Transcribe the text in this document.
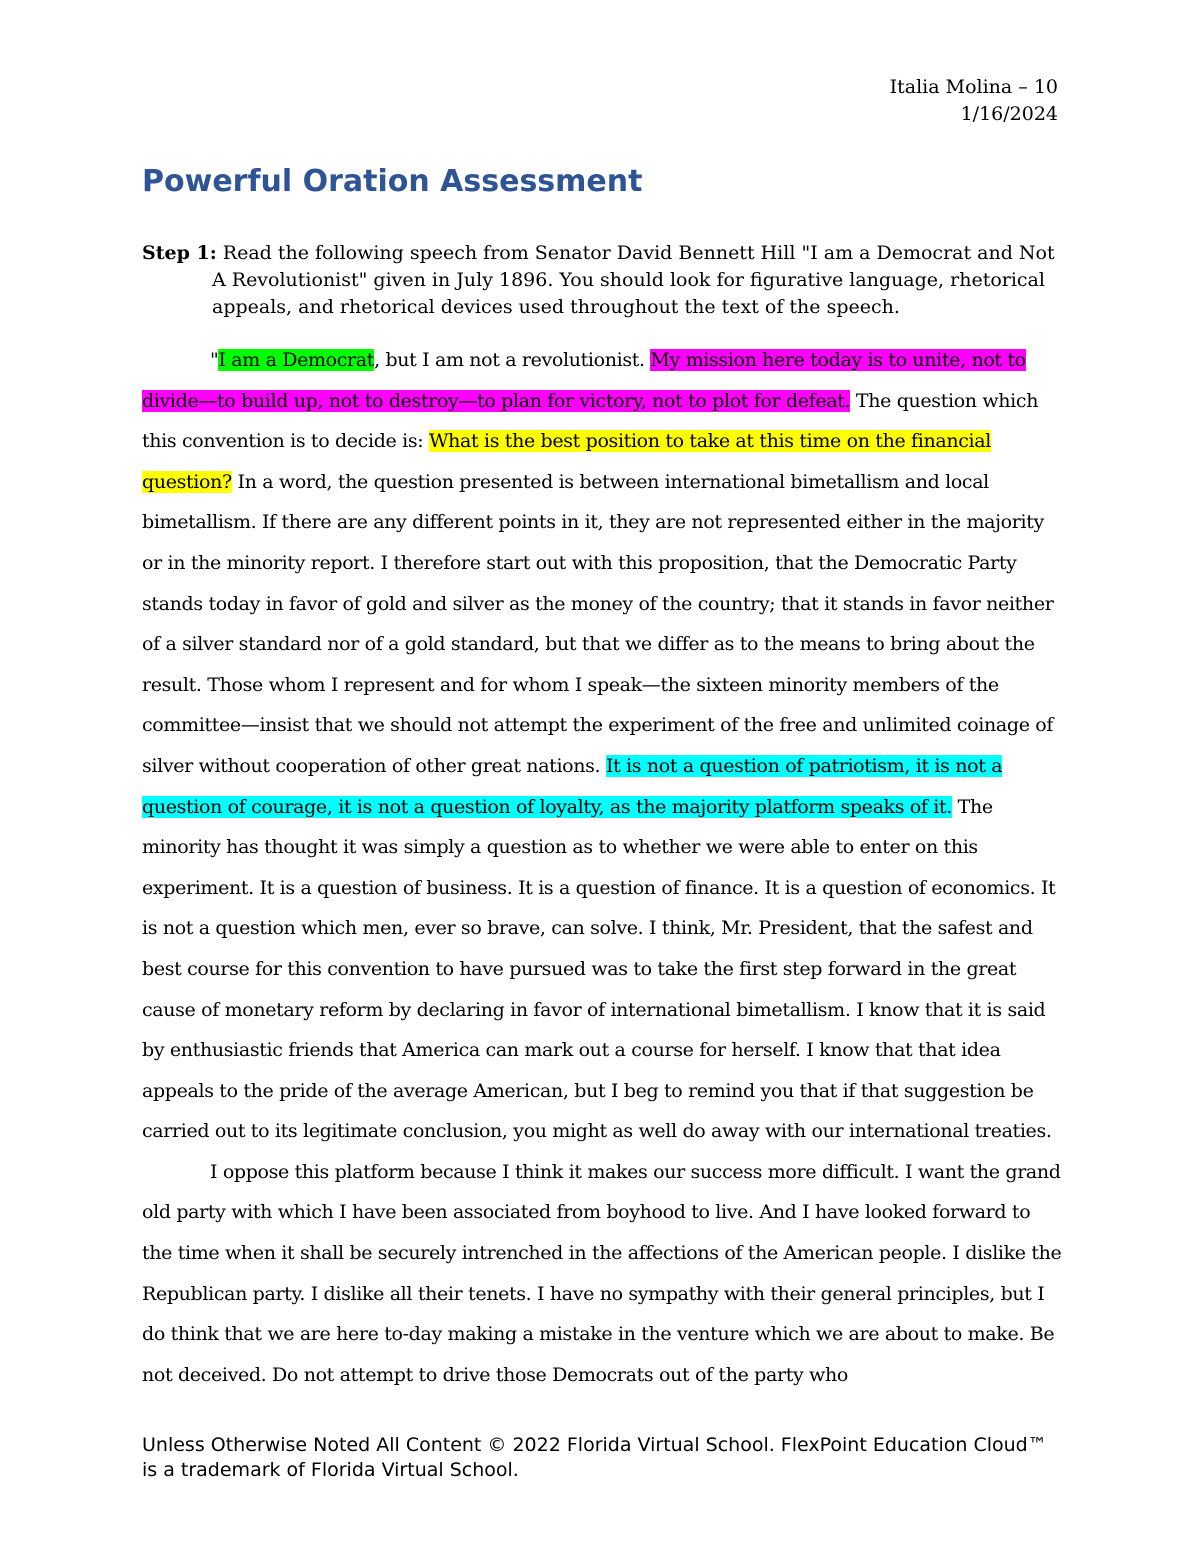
Italia Molina – 10
1/16/2024
Powerful Oration Assessment

Step 1: Read the following speech from Senator David Bennett Hill "I am a Democrat and Not A Revolutionist" given in July 1896. You should look for figurative language, rhetorical appeals, and rhetorical devices used throughout the text of the speech.

"I am a Democrat, but I am not a revolutionist. My mission here today is to unite, not to divide—to build up, not to destroy—to plan for victory, not to plot for defeat. The question which this convention is to decide is: What is the best position to take at this time on the financial question? In a word, the question presented is between international bimetallism and local bimetallism. If there are any different points in it, they are not represented either in the majority or in the minority report. I therefore start out with this proposition, that the Democratic Party stands today in favor of gold and silver as the money of the country; that it stands in favor neither of a silver standard nor of a gold standard, but that we differ as to the means to bring about the result. Those whom I represent and for whom I speak—the sixteen minority members of the committee—insist that we should not attempt the experiment of the free and unlimited coinage of silver without cooperation of other great nations. It is not a question of patriotism, it is not a question of courage, it is not a question of loyalty, as the majority platform speaks of it. The minority has thought it was simply a question as to whether we were able to enter on this experiment. It is a question of business. It is a question of finance. It is a question of economics. It is not a question which men, ever so brave, can solve. I think, Mr. President, that the safest and best course for this convention to have pursued was to take the first step forward in the great cause of monetary reform by declaring in favor of international bimetallism. I know that it is said by enthusiastic friends that America can mark out a course for herself. I know that that idea appeals to the pride of the average American, but I beg to remind you that if that suggestion be carried out to its legitimate conclusion, you might as well do away with our international treaties.

I oppose this platform because I think it makes our success more difficult. I want the grand old party with which I have been associated from boyhood to live. And I have looked forward to the time when it shall be securely intrenched in the affections of the American people. I dislike the Republican party. I dislike all their tenets. I have no sympathy with their general principles, but I do think that we are here to-day making a mistake in the venture which we are about to make. Be not deceived. Do not attempt to drive those Democrats out of the party who

Unless Otherwise Noted All Content © 2022 Florida Virtual School. FlexPoint Education Cloud™ is a trademark of Florida Virtual School.
